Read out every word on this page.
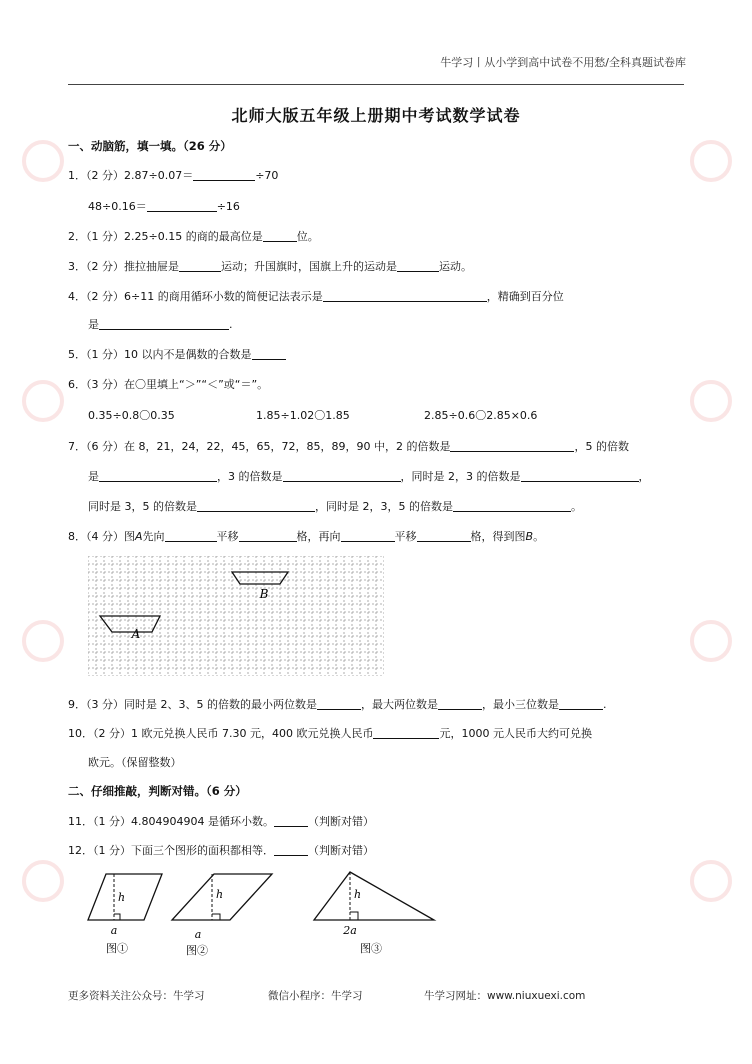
牛学习丨从小学到高中试卷不用愁/全科真题试卷库
北师大版五年级上册期中考试数学试卷
一、动脑筋，填一填。（26 分）
1．（2 分）2.87÷0.07＝	÷70
48÷0.16＝	÷16
2．（1 分）2.25÷0.15 的商的最高位是	位。
3．（2 分）推拉抽屉是	运动；升国旗时，国旗上升的运动是	运动。
4．（2 分）6÷11 的商用循环小数的简便记法表示是	，精确到百分位
是	.
5．（1 分）10 以内不是偶数的合数是
6．（3 分）在〇里填上“＞”“＜”或“＝”。
0.35÷0.8〇0.35	1.85÷1.02〇1.85	2.85÷0.6〇2.85×0.6
7．（6 分）在 8，21，24，22，45，65，72，85，89，90 中，2 的倍数是	，5 的倍数
是	，3 的倍数是	，同时是 2，3 的倍数是	，
同时是 3，5 的倍数是	，同时是 2，3，5 的倍数是	。
8．（4 分）图A先向	平移	格，再向	平移	格，得到图B。
B
A
9．（3 分）同时是 2、3、5 的倍数的最小两位数是	，最大两位数是	，最小三位数是	.
10．（2 分）1 欧元兑换人民币 7.30 元，400 欧元兑换人民币	元，1000 元人民币大约可兑换
欧元。（保留整数）
二、仔细推敲，判断对错。（6 分）
11．（1 分）4.804904904 是循环小数。	（判断对错）
12．（1 分）下面三个图形的面积都相等．	（判断对错）
h
a
图①
h
a
图②
h
2a
图③
更多资料关注公众号：牛学习	微信小程序：牛学习	牛学习网址：www.niuxuexi.com
